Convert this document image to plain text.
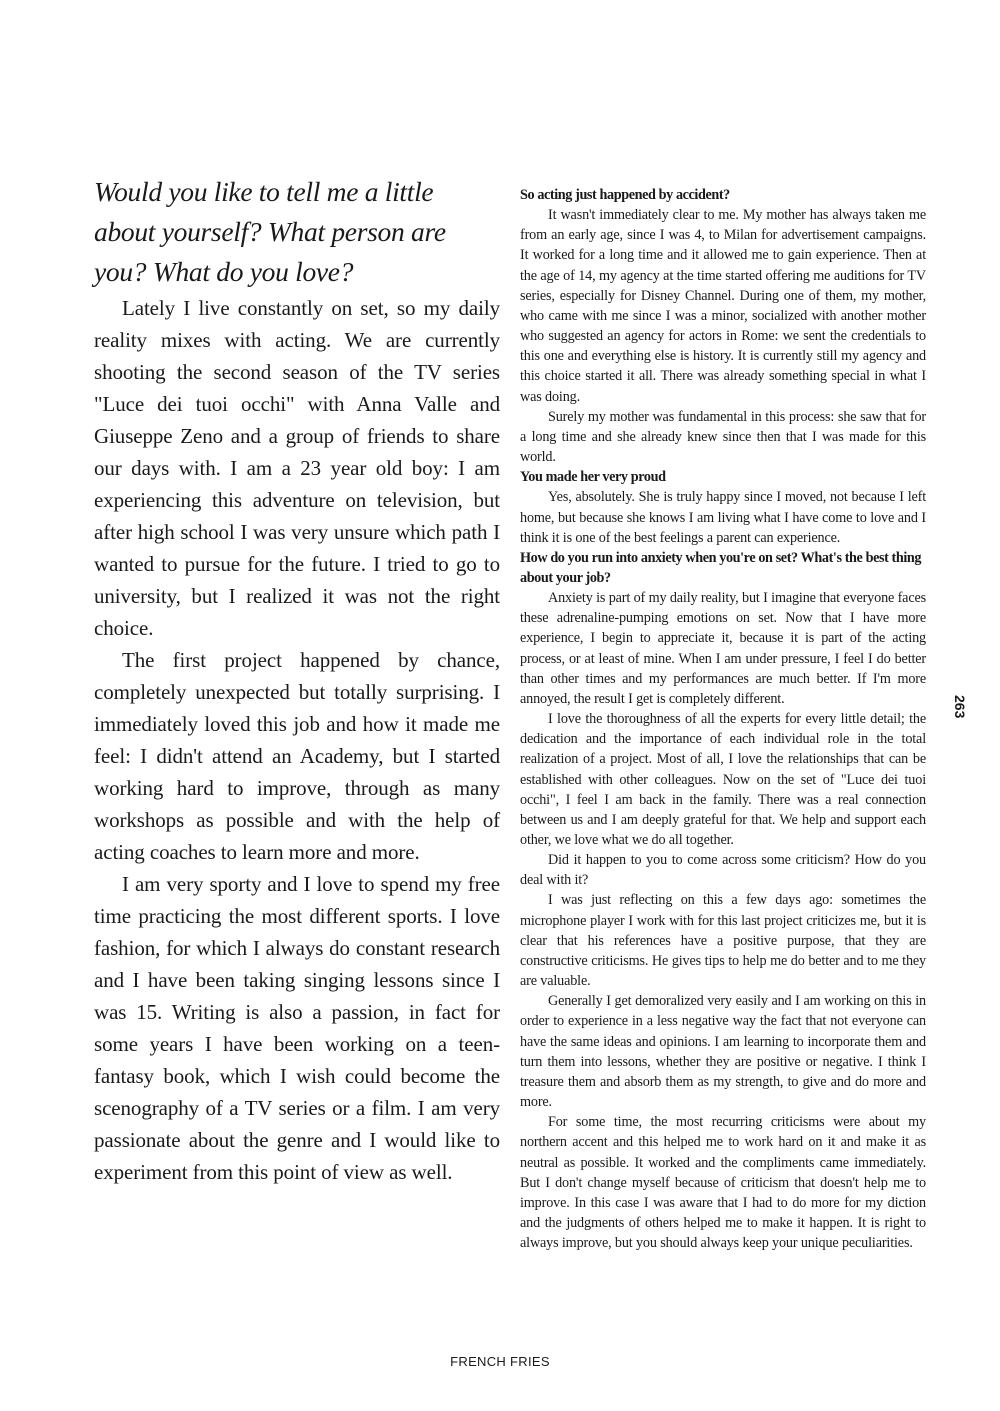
Would you like to tell me a little about yourself? What person are you? What do you love?

Lately I live constantly on set, so my daily reality mixes with acting. We are currently shooting the second season of the TV series "Luce dei tuoi occhi" with Anna Valle and Giuseppe Zeno and a group of friends to share our days with. I am a 23 year old boy: I am experiencing this adventure on television, but after high school I was very unsure which path I wanted to pursue for the future. I tried to go to university, but I realized it was not the right choice.

The first project happened by chance, completely unexpected but totally surprising. I immediately loved this job and how it made me feel: I didn't attend an Academy, but I started working hard to improve, through as many workshops as possible and with the help of acting coaches to learn more and more.

I am very sporty and I love to spend my free time practicing the most different sports. I love fashion, for which I always do constant research and I have been taking singing lessons since I was 15. Writing is also a passion, in fact for some years I have been working on a teen-fantasy book, which I wish could become the scenography of a TV series or a film. I am very passionate about the genre and I would like to experiment from this point of view as well.

So acting just happened by accident?

It wasn't immediately clear to me. My mother has always taken me from an early age, since I was 4, to Milan for advertisement campaigns. It worked for a long time and it allowed me to gain experience. Then at the age of 14, my agency at the time started offering me auditions for TV series, especially for Disney Channel. During one of them, my mother, who came with me since I was a minor, socialized with another mother who suggested an agency for actors in Rome: we sent the credentials to this one and everything else is history. It is currently still my agency and this choice started it all. There was already something special in what I was doing.

Surely my mother was fundamental in this process: she saw that for a long time and she already knew since then that I was made for this world.

You made her very proud

Yes, absolutely. She is truly happy since I moved, not because I left home, but because she knows I am living what I have come to love and I think it is one of the best feelings a parent can experience.

How do you run into anxiety when you're on set? What's the best thing about your job?

Anxiety is part of my daily reality, but I imagine that everyone faces these adrenaline-pumping emotions on set. Now that I have more experience, I begin to appreciate it, because it is part of the acting process, or at least of mine. When I am under pressure, I feel I do better than other times and my performances are much better. If I'm more annoyed, the result I get is completely different.

I love the thoroughness of all the experts for every little detail; the dedication and the importance of each individual role in the total realization of a project. Most of all, I love the relationships that can be established with other colleagues. Now on the set of "Luce dei tuoi occhi", I feel I am back in the family. There was a real connection between us and I am deeply grateful for that. We help and support each other, we love what we do all together.

Did it happen to you to come across some criticism? How do you deal with it?

I was just reflecting on this a few days ago: sometimes the microphone player I work with for this last project criticizes me, but it is clear that his references have a positive purpose, that they are constructive criticisms. He gives tips to help me do better and to me they are valuable.

Generally I get demoralized very easily and I am working on this in order to experience in a less negative way the fact that not everyone can have the same ideas and opinions. I am learning to incorporate them and turn them into lessons, whether they are positive or negative. I think I treasure them and absorb them as my strength, to give and do more and more.

For some time, the most recurring criticisms were about my northern accent and this helped me to work hard on it and make it as neutral as possible. It worked and the compliments came immediately. But I don't change myself because of criticism that doesn't help me to improve. In this case I was aware that I had to do more for my diction and the judgments of others helped me to make it happen. It is right to always improve, but you should always keep your unique peculiarities.

263
FRENCH FRIES
